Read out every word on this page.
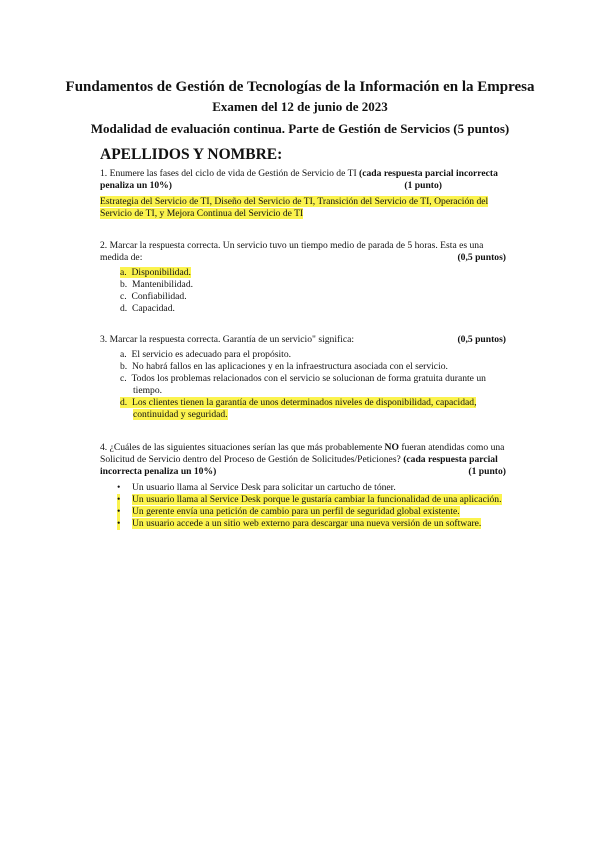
Fundamentos de Gestión de Tecnologías de la Información en la Empresa
Examen del 12 de junio de 2023
Modalidad de evaluación continua. Parte de Gestión de Servicios (5 puntos)
APELLIDOS Y NOMBRE:
1. Enumere las fases del ciclo de vida de Gestión de Servicio de TI (cada respuesta parcial incorrecta
penaliza un 10%)	(1 punto)
Estrategia del Servicio de TI, Diseño del Servicio de TI, Transición del Servicio de TI, Operación del
Servicio de TI, y Mejora Continua del Servicio de TI
2. Marcar la respuesta correcta. Un servicio tuvo un tiempo medio de parada de 5 horas. Esta es una
medida de:	(0,5 puntos)
a. Disponibilidad.
b. Mantenibilidad.
c. Confiabilidad.
d. Capacidad.
3. Marcar la respuesta correcta. Garantía de un servicio" significa:	(0,5 puntos)
a. El servicio es adecuado para el propósito.
b. No habrá fallos en las aplicaciones y en la infraestructura asociada con el servicio.
c. Todos los problemas relacionados con el servicio se solucionan de forma gratuita durante un tiempo.
d. Los clientes tienen la garantía de unos determinados niveles de disponibilidad, capacidad, continuidad y seguridad.
4. ¿Cuáles de las siguientes situaciones serían las que más probablemente NO fueran atendidas como una
Solicitud de Servicio dentro del Proceso de Gestión de Solicitudes/Peticiones? (cada respuesta parcial
incorrecta penaliza un 10%)	(1 punto)
• Un usuario llama al Service Desk para solicitar un cartucho de tóner.
• Un usuario llama al Service Desk porque le gustaría cambiar la funcionalidad de una aplicación.
• Un gerente envía una petición de cambio para un perfil de seguridad global existente.
• Un usuario accede a un sitio web externo para descargar una nueva versión de un software.
